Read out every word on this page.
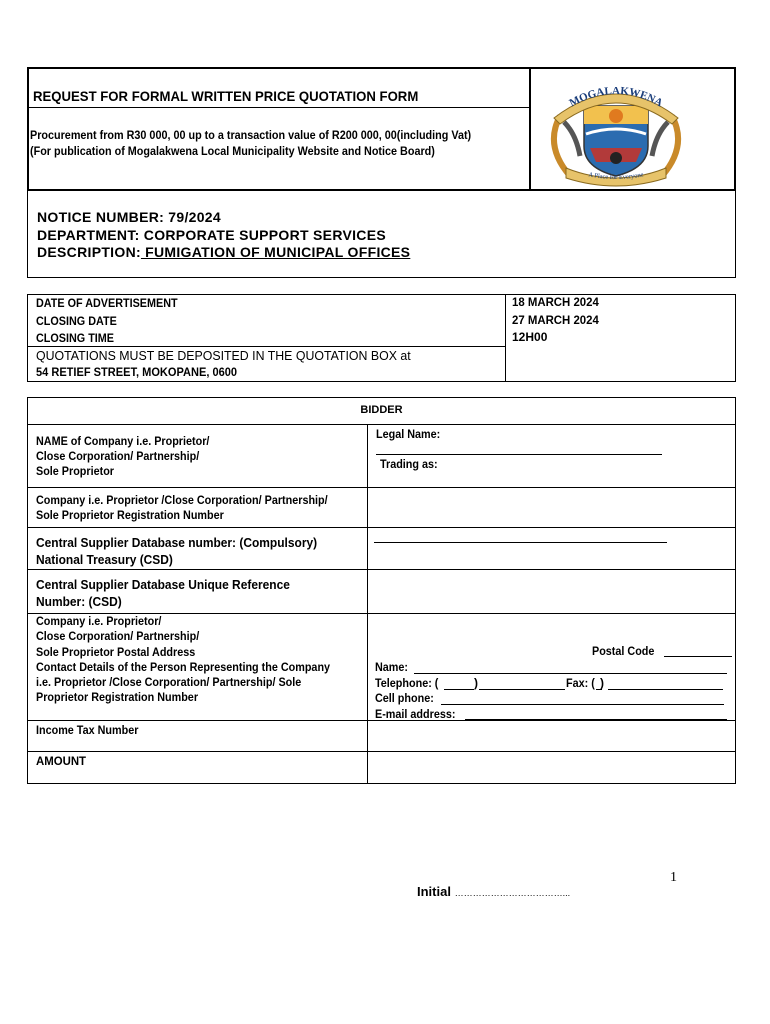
REQUEST FOR FORMAL WRITTEN PRICE QUOTATION FORM
Procurement from R30 000, 00 up to a transaction value of R200 000, 00(including Vat)
(For publication of Mogalakwena Local Municipality Website and Notice Board)
MOGALAKWENA
A Place for Everyone
NOTICE NUMBER: 79/2024
DEPARTMENT: CORPORATE SUPPORT SERVICES
DESCRIPTION: FUMIGATION OF MUNICIPAL OFFICES
DATE OF ADVERTISEMENT
CLOSING DATE
CLOSING TIME
18 MARCH 2024
27 MARCH 2024
12H00
QUOTATIONS MUST BE DEPOSITED IN THE QUOTATION BOX at
54 RETIEF STREET, MOKOPANE, 0600
BIDDER
NAME of Company i.e. Proprietor/
Close Corporation/ Partnership/
Sole Proprietor
Legal Name:
Trading as:
Company i.e. Proprietor /Close Corporation/ Partnership/
Sole Proprietor Registration Number
Central Supplier Database number: (Compulsory)
National Treasury (CSD)
Central Supplier Database Unique Reference
Number: (CSD)
Company i.e. Proprietor/
Close Corporation/ Partnership/
Sole Proprietor Postal Address
Contact Details of the Person Representing the Company
i.e. Proprietor /Close Corporation/ Partnership/ Sole
Proprietor Registration Number
Postal Code
Name:
Telephone: (	)	Fax: ( )
Cell phone:
E-mail address:
Income Tax Number
AMOUNT
1
Initial ………………………………...
